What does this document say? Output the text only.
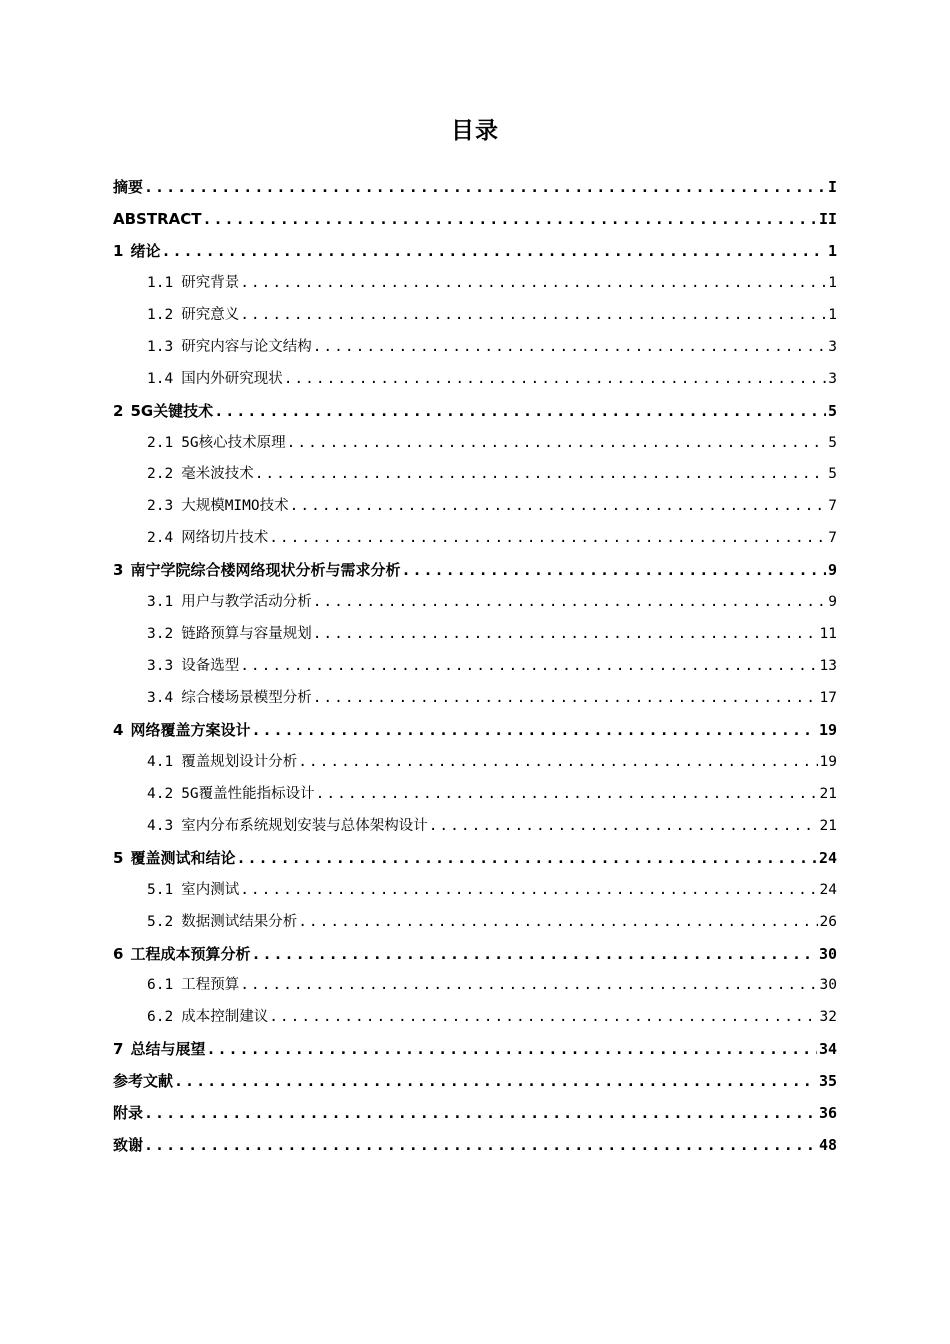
目录
摘要 .....	I
ABSTRACT .....	II
1 绪论 .....	1
1.1 研究背景 .....	1
1.2 研究意义 .....	1
1.3 研究内容与论文结构 .....	3
1.4 国内外研究现状 .....	3
2 5G关键技术 .....	5
2.1 5G核心技术原理 .....	5
2.2 毫米波技术 .....	5
2.3 大规模MIMO技术 .....	7
2.4 网络切片技术 .....	7
3 南宁学院综合楼网络现状分析与需求分析 .....	9
3.1 用户与教学活动分析 .....	9
3.2 链路预算与容量规划 .....	11
3.3 设备选型 .....	13
3.4 综合楼场景模型分析 .....	17
4 网络覆盖方案设计 .....	19
4.1 覆盖规划设计分析 .....	19
4.2 5G覆盖性能指标设计 .....	21
4.3 室内分布系统规划安装与总体架构设计 .....	21
5 覆盖测试和结论 .....	24
5.1 室内测试 .....	24
5.2 数据测试结果分析 .....	26
6 工程成本预算分析 .....	30
6.1 工程预算 .....	30
6.2 成本控制建议 .....	32
7 总结与展望 .....	34
参考文献 .....	35
附录 .....	36
致谢 .....	48
